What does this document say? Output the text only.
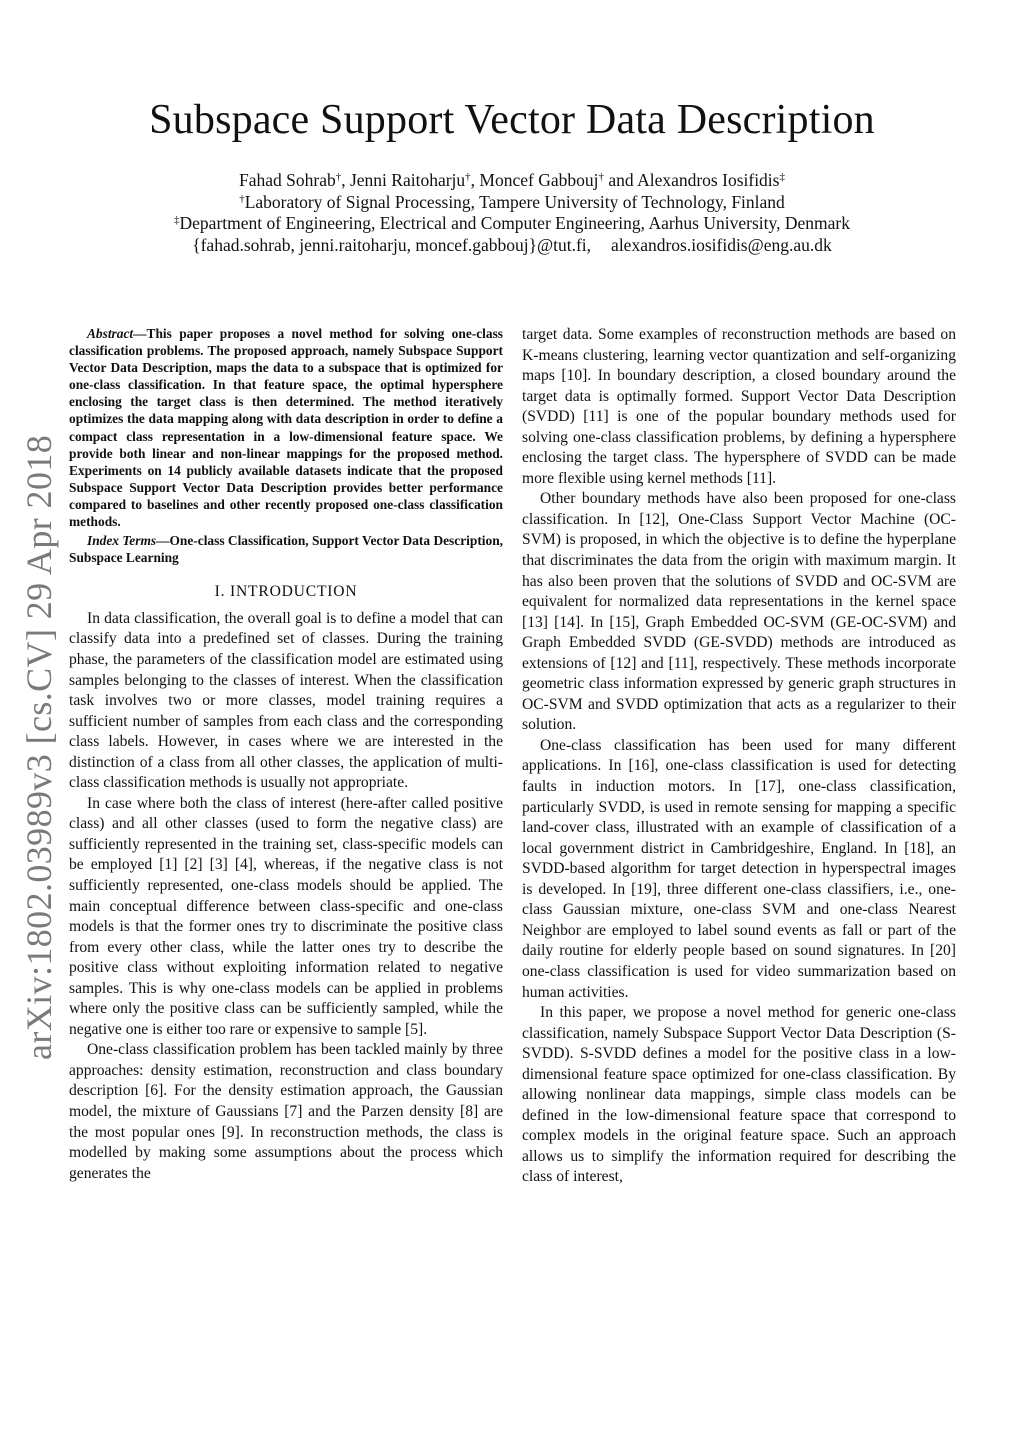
Subspace Support Vector Data Description
Fahad Sohrab†, Jenni Raitoharju†, Moncef Gabbouj† and Alexandros Iosifidis‡
†Laboratory of Signal Processing, Tampere University of Technology, Finland
‡Department of Engineering, Electrical and Computer Engineering, Aarhus University, Denmark
{fahad.sohrab, jenni.raitoharju, moncef.gabbouj}@tut.fi, alexandros.iosifidis@eng.au.dk
arXiv:1802.03989v3 [cs.CV] 29 Apr 2018

Abstract—This paper proposes a novel method for solving one-class classification problems. The proposed approach, namely Subspace Support Vector Data Description, maps the data to a subspace that is optimized for one-class classification. In that feature space, the optimal hypersphere enclosing the target class is then determined. The method iteratively optimizes the data mapping along with data description in order to define a compact class representation in a low-dimensional feature space. We provide both linear and non-linear mappings for the proposed method. Experiments on 14 publicly available datasets indicate that the proposed Subspace Support Vector Data Description provides better performance compared to baselines and other recently proposed one-class classification methods.

Index Terms—One-class Classification, Support Vector Data Description, Subspace Learning

I. INTRODUCTION

In data classification, the overall goal is to define a model that can classify data into a predefined set of classes. During the training phase, the parameters of the classification model are estimated using samples belonging to the classes of interest. When the classification task involves two or more classes, model training requires a sufficient number of samples from each class and the corresponding class labels. However, in cases where we are interested in the distinction of a class from all other classes, the application of multi-class classification methods is usually not appropriate.

In case where both the class of interest (here-after called positive class) and all other classes (used to form the negative class) are sufficiently represented in the training set, class-specific models can be employed [1] [2] [3] [4], whereas, if the negative class is not sufficiently represented, one-class models should be applied. The main conceptual difference between class-specific and one-class models is that the former ones try to discriminate the positive class from every other class, while the latter ones try to describe the positive class without exploiting information related to negative samples. This is why one-class models can be applied in problems where only the positive class can be sufficiently sampled, while the negative one is either too rare or expensive to sample [5].

One-class classification problem has been tackled mainly by three approaches: density estimation, reconstruction and class boundary description [6]. For the density estimation approach, the Gaussian model, the mixture of Gaussians [7] and the Parzen density [8] are the most popular ones [9]. In reconstruction methods, the class is modelled by making some assumptions about the process which generates the

target data. Some examples of reconstruction methods are based on K-means clustering, learning vector quantization and self-organizing maps [10]. In boundary description, a closed boundary around the target data is optimally formed. Support Vector Data Description (SVDD) [11] is one of the popular boundary methods used for solving one-class classification problems, by defining a hypersphere enclosing the target class. The hypersphere of SVDD can be made more flexible using kernel methods [11].

Other boundary methods have also been proposed for one-class classification. In [12], One-Class Support Vector Machine (OC-SVM) is proposed, in which the objective is to define the hyperplane that discriminates the data from the origin with maximum margin. It has also been proven that the solutions of SVDD and OC-SVM are equivalent for normalized data representations in the kernel space [13] [14]. In [15], Graph Embedded OC-SVM (GE-OC-SVM) and Graph Embedded SVDD (GE-SVDD) methods are introduced as extensions of [12] and [11], respectively. These methods incorporate geometric class information expressed by generic graph structures in OC-SVM and SVDD optimization that acts as a regularizer to their solution.

One-class classification has been used for many different applications. In [16], one-class classification is used for detecting faults in induction motors. In [17], one-class classification, particularly SVDD, is used in remote sensing for mapping a specific land-cover class, illustrated with an example of classification of a local government district in Cambridgeshire, England. In [18], an SVDD-based algorithm for target detection in hyperspectral images is developed. In [19], three different one-class classifiers, i.e., one-class Gaussian mixture, one-class SVM and one-class Nearest Neighbor are employed to label sound events as fall or part of the daily routine for elderly people based on sound signatures. In [20] one-class classification is used for video summarization based on human activities.

In this paper, we propose a novel method for generic one-class classification, namely Subspace Support Vector Data Description (S-SVDD). S-SVDD defines a model for the positive class in a low-dimensional feature space optimized for one-class classification. By allowing nonlinear data mappings, simple class models can be defined in the low-dimensional feature space that correspond to complex models in the original feature space. Such an approach allows us to simplify the information required for describing the class of interest,
